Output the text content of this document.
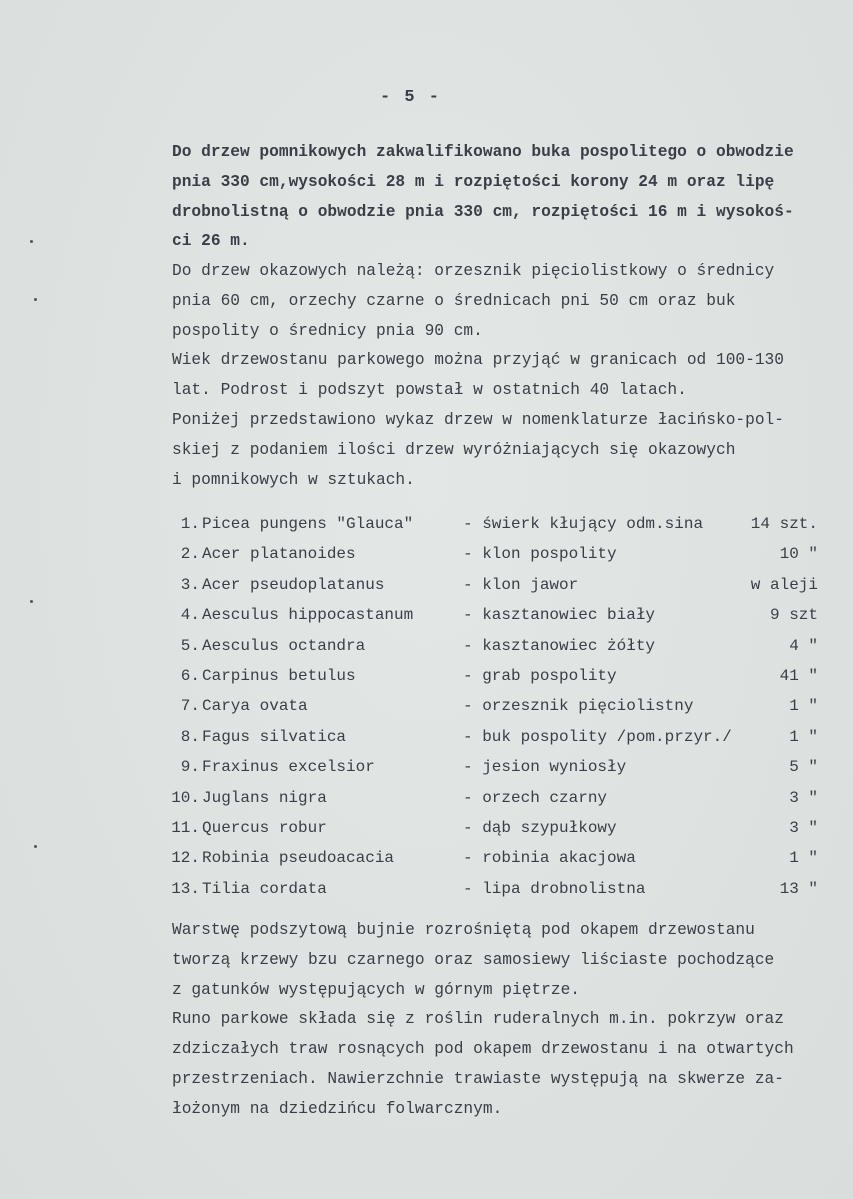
- 5 -
Do drzew pomnikowych zakwalifikowano buka pospolitego o obwodzie
pnia 330 cm,wysokości 28 m i rozpiętości korony 24 m oraz lipę
drobnolistną o obwodzie pnia 330 cm, rozpiętości 16 m i wysokoś-
ci 26 m.
Do drzew okazowych należą: orzesznik pięciolistkowy o średnicy
pnia 60 cm, orzechy czarne o średnicach pni 50 cm oraz buk
pospolity o średnicy pnia 90 cm.
Wiek drzewostanu parkowego można przyjąć w granicach od 100-130
lat. Podrost i podszyt powstał w ostatnich 40 latach.
Poniżej przedstawiono wykaz drzew w nomenklaturze łacińsko-pol-
skiej z podaniem ilości drzew wyróżniających się okazowych
i pomnikowych w sztukach.
1. Picea pungens "Glauca"	- świerk kłujący odm.sina	14 szt.
2. Acer platanoides	- klon pospolity	10 "
3. Acer pseudoplatanus	- klon jawor	w aleji
4. Aesculus hippocastanum	- kasztanowiec biały	9 szt
5. Aesculus octandra	- kasztanowiec żółty	4 "
6. Carpinus betulus	- grab pospolity	41 "
7. Carya ovata	- orzesznik pięciolistny	1 "
8. Fagus silvatica	- buk pospolity /pom.przyr./	1 "
9. Fraxinus excelsior	- jesion wyniosły	5 "
10. Juglans nigra	- orzech czarny	3 "
11. Quercus robur	- dąb szypułkowy	3 "
12. Robinia pseudoacacia	- robinia akacjowa	1 "
13. Tilia cordata	- lipa drobnolistna	13 "
Warstwę podszytową bujnie rozrośniętą pod okapem drzewostanu
tworzą krzewy bzu czarnego oraz samosiewy liściaste pochodzące
z gatunków występujących w górnym piętrze.
Runo parkowe składa się z roślin ruderalnych m.in. pokrzyw oraz
zdziczałych traw rosnących pod okapem drzewostanu i na otwartych
przestrzeniach. Nawierzchnie trawiaste występują na skwerze za-
łożonym na dziedzińcu folwarcznym.
